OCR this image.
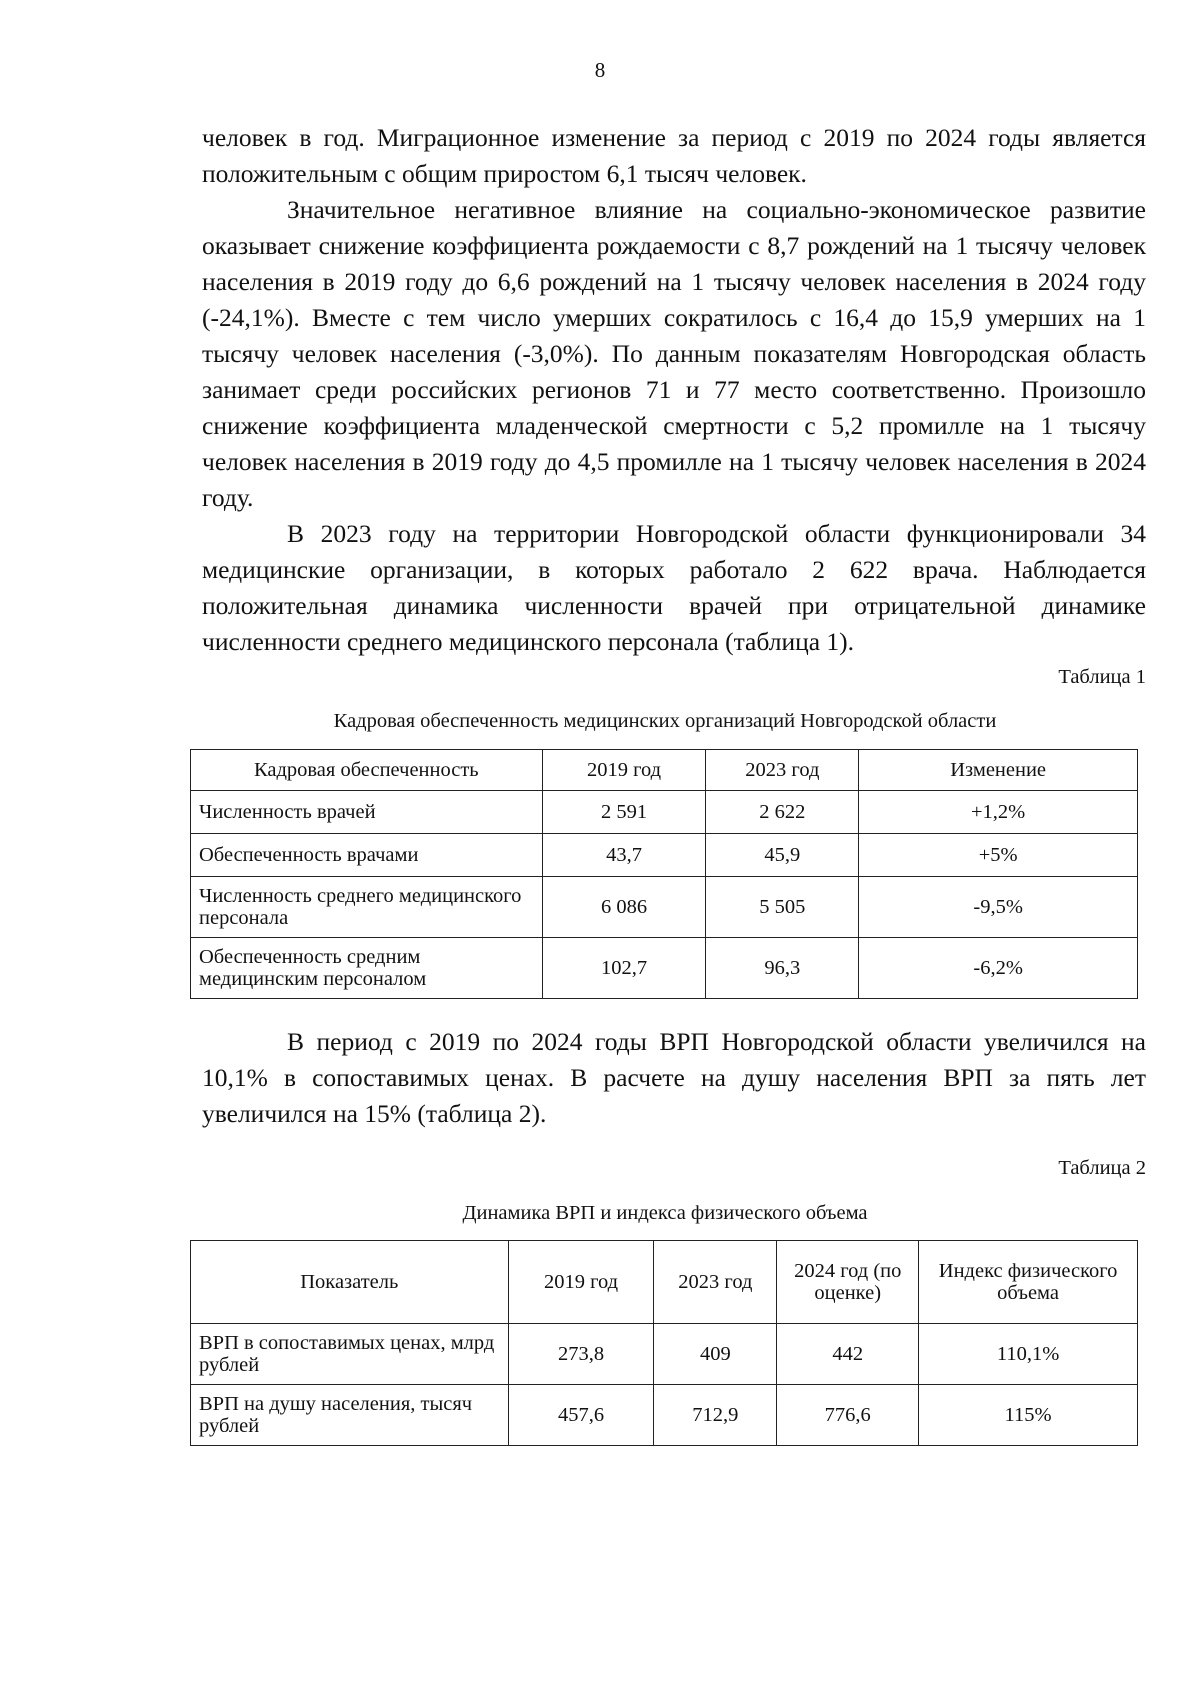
8

человек в год. Миграционное изменение за период с 2019 по 2024 годы является положительным с общим приростом 6,1 тысяч человек.

Значительное негативное влияние на социально-экономическое развитие оказывает снижение коэффициента рождаемости с 8,7 рождений на 1 тысячу человек населения в 2019 году до 6,6 рождений на 1 тысячу человек населения в 2024 году (-24,1%). Вместе с тем число умерших сократилось с 16,4 до 15,9 умерших на 1 тысячу человек населения (-3,0%). По данным показателям Новгородская область занимает среди российских регионов 71 и 77 место соответственно. Произошло снижение коэффициента младенческой смертности с 5,2 промилле на 1 тысячу человек населения в 2019 году до 4,5 промилле на 1 тысячу человек населения в 2024 году.

В 2023 году на территории Новгородской области функционировали 34 медицинские организации, в которых работало 2 622 врача. Наблюдается положительная динамика численности врачей при отрицательной динамике численности среднего медицинского персонала (таблица 1).

Таблица 1
Кадровая обеспеченность медицинских организаций Новгородской области
Кадровая обеспеченность	2019 год	2023 год	Изменение
Численность врачей	2 591	2 622	+1,2%
Обеспеченность врачами	43,7	45,9	+5%
Численность среднего медицинского персонала	6 086	5 505	-9,5%
Обеспеченность средним медицинским персоналом	102,7	96,3	-6,2%

В период с 2019 по 2024 годы ВРП Новгородской области увеличился на 10,1% в сопоставимых ценах. В расчете на душу населения ВРП за пять лет увеличился на 15% (таблица 2).

Таблица 2
Динамика ВРП и индекса физического объема
Показатель	2019 год	2023 год	2024 год (по оценке)	Индекс физического объема
ВРП в сопоставимых ценах, млрд рублей	273,8	409	442	110,1%
ВРП на душу населения, тысяч рублей	457,6	712,9	776,6	115%
